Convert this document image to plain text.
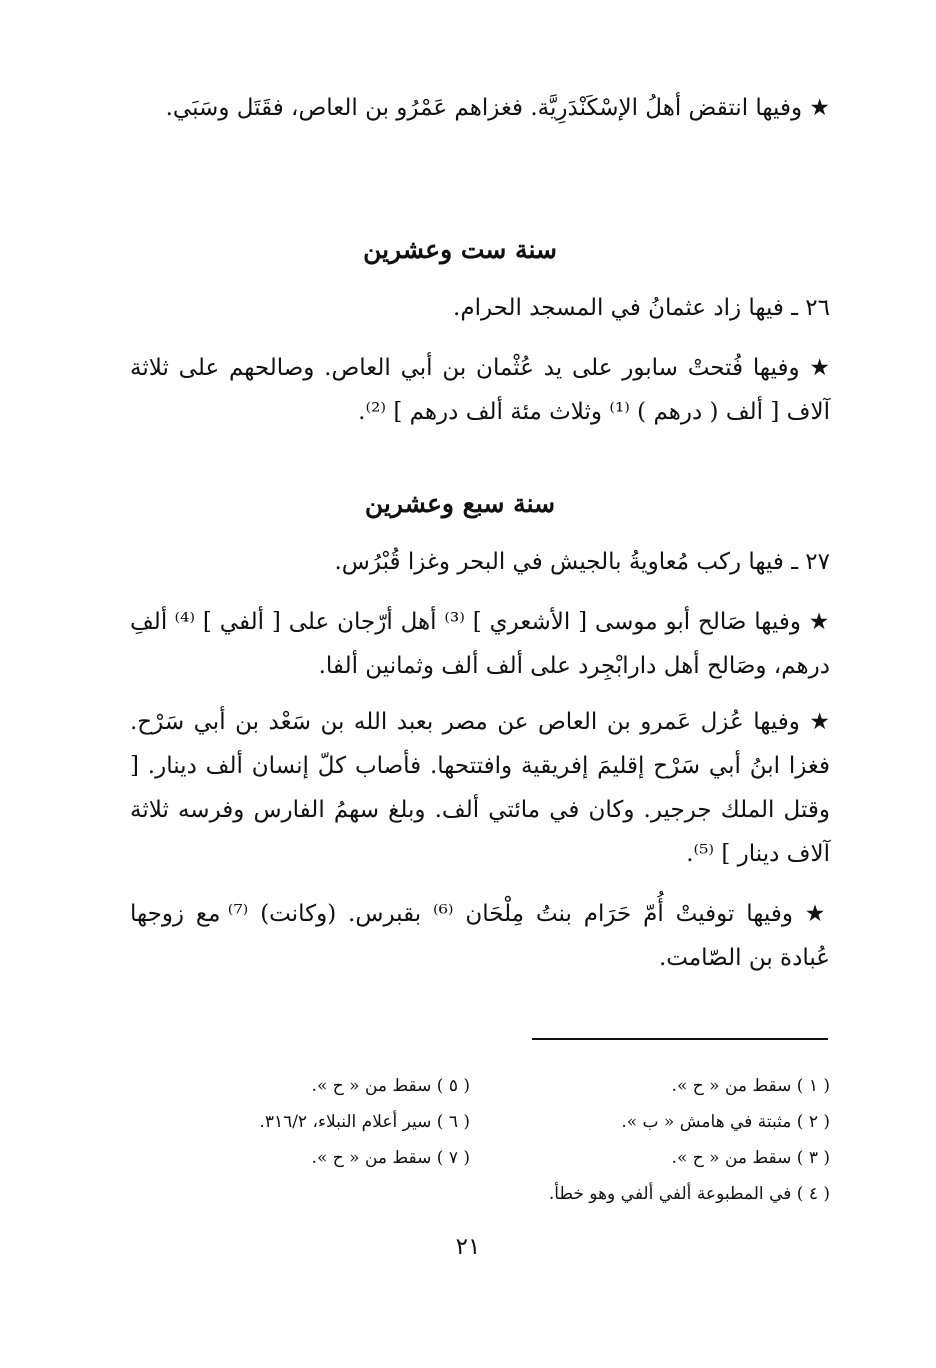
★ وفيها انتقض أهلُ الإسْكَنْدَرِيَّة. فغزاهم عَمْرُو بن العاص، فقَتَل وسَبَي.

سنة ست وعشرين

٢٦ ـ فيها زاد عثمانُ في المسجد الحرام.

★ وفيها فُتحتْ سابور على يد عُثْمان بن أبي العاص. وصالحهم على ثلاثة آلاف [ ألف ( درهم ) ⁽¹⁾ وثلاث مئة ألف درهم ] ⁽²⁾.

سنة سبع وعشرين

٢٧ ـ فيها ركب مُعاويةُ بالجيش في البحر وغزا قُبْرُس.

★ وفيها صَالح أبو موسى [ الأشعري ] ⁽³⁾ أهل أرّجان على [ ألفي ] ⁽⁴⁾ ألفِ درهم، وصَالح أهل دارابْجِرد على ألف ألف وثمانين ألفا.

★ وفيها عُزل عَمرو بن العاص عن مصر بعبد الله بن سَعْد بن أبي سَرْح. فغزا ابنُ أبي سَرْح إقليمَ إفريقية وافتتحها. فأصاب كلّ إنسان ألف دينار. [ وقتل الملك جرجير. وكان في مائتي ألف. وبلغ سهمُ الفارس وفرسه ثلاثة آلاف دينار ] ⁽⁵⁾.

★ وفيها توفيتْ أُمّ حَرَام بنتُ مِلْحَان ⁽⁶⁾ بقبرس. (وكانت) ⁽⁷⁾ مع زوجها عُبادة بن الصّامت.

( ١ ) سقط من « ح ».
( ٢ ) مثبتة في هامش « ب ».
( ٣ ) سقط من « ح ».
( ٤ ) في المطبوعة ألفي ألفي وهو خطأ.
( ٥ ) سقط من « ح ».
( ٦ ) سير أعلام النبلاء، ٣١٦/٢.
( ٧ ) سقط من « ح ».
٢١
